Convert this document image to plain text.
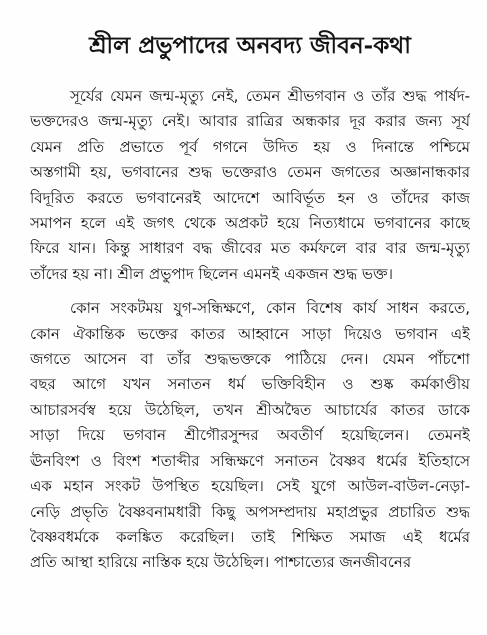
শ্রীল প্রভুপাদের অনবদ্য জীবন-কথা
সূর্যের যেমন জন্ম-মৃত্যু নেই, তেমন শ্রীভগবান ও তাঁর শুদ্ধ পার্ষদ-
ভক্তদেরও জন্ম-মৃত্যু নেই। আবার রাত্রির অন্ধকার দূর করার জন্য সূর্য
যেমন প্রতি প্রভাতে পূর্ব গগনে উদিত হয় ও দিনান্তে পশ্চিমে
অস্তগামী হয়, ভগবানের শুদ্ধ ভক্তেরাও তেমন জগতের অজ্ঞানান্ধকার
বিদূরিত করতে ভগবানেরই আদেশে আবির্ভূত হন ও তাঁদের কাজ
সমাপন হলে এই জগৎ থেকে অপ্রকট হয়ে নিত্যধামে ভগবানের কাছে
ফিরে যান। কিন্তু সাধারণ বদ্ধ জীবের মত কর্মফলে বার বার জন্ম-মৃত্যু
তাঁদের হয় না। শ্রীল প্রভুপাদ ছিলেন এমনই একজন শুদ্ধ ভক্ত।
কোন সংকটময় যুগ-সন্ধিক্ষণে, কোন বিশেষ কার্য সাধন করতে,
কোন ঐকান্তিক ভক্তের কাতর আহ্বানে সাড়া দিয়েও ভগবান এই
জগতে আসেন বা তাঁর শুদ্ধভক্তকে পাঠিয়ে দেন। যেমন পাঁচশো
বছর আগে যখন সনাতন ধর্ম ভক্তিবিহীন ও শুষ্ক কর্মকাণ্ডীয়
আচারসর্বস্ব হয়ে উঠেছিল, তখন শ্রীঅদ্বৈত আচার্যের কাতর ডাকে
সাড়া দিয়ে ভগবান শ্রীগৌরসুন্দর অবতীর্ণ হয়েছিলেন। তেমনই
ঊনবিংশ ও বিংশ শতাব্দীর সন্ধিক্ষণে সনাতন বৈষ্ণব ধর্মের ইতিহাসে
এক মহান সংকট উপস্থিত হয়েছিল। সেই যুগে আউল-বাউল-নেড়া-
নেড়ি প্রভৃতি বৈষ্ণবনামধারী কিছু অপসম্প্রদায় মহাপ্রভুর প্রচারিত শুদ্ধ
বৈষ্ণবধর্মকে কলঙ্কিত করেছিল। তাই শিক্ষিত সমাজ এই ধর্মের
প্রতি আস্থা হারিয়ে নাস্তিক হয়ে উঠেছিল। পাশ্চাত্যের জনজীবনের
